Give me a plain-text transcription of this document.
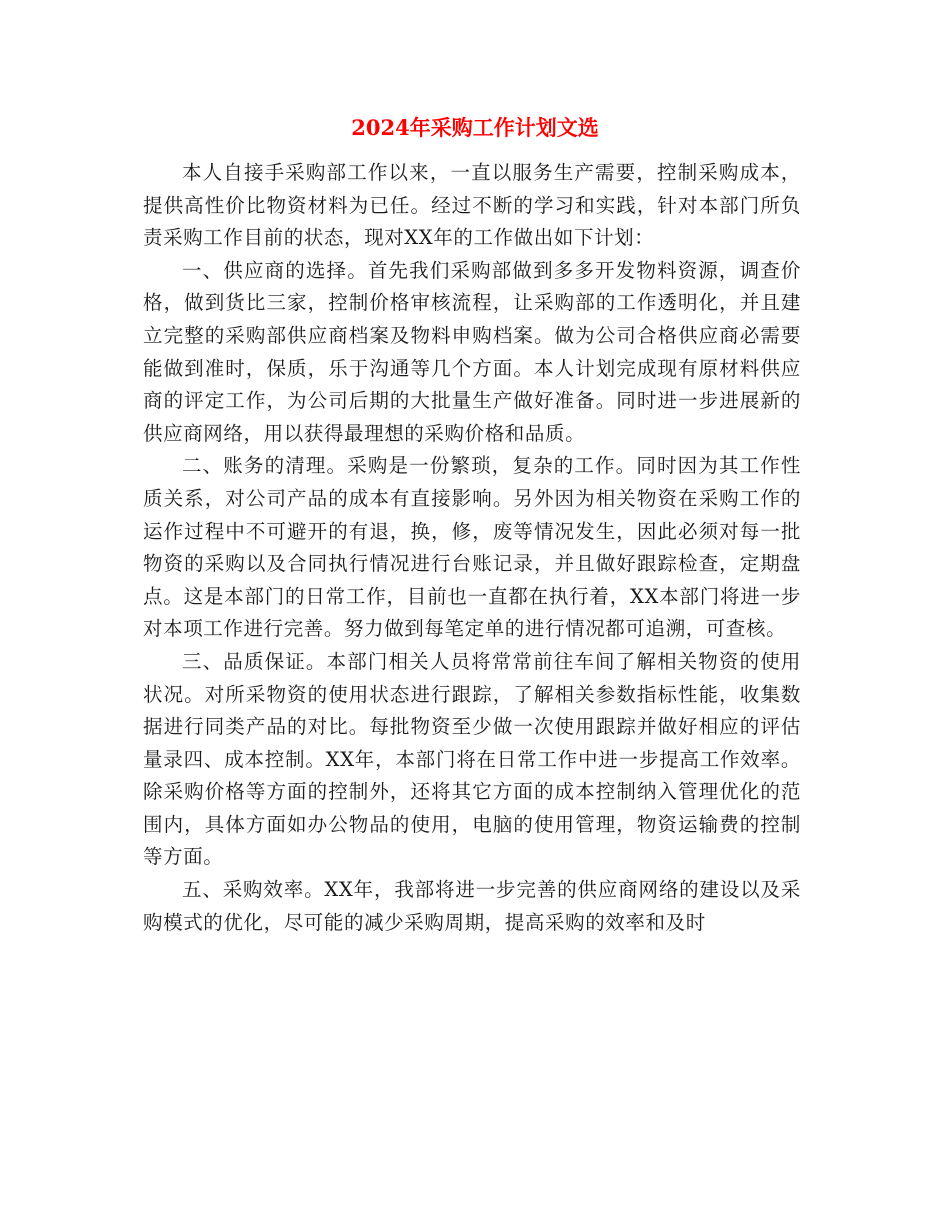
2024年采购工作计划文选

本人自接手采购部工作以来，一直以服务生产需要，控制采购成本，提供高性价比物资材料为已任。经过不断的学习和实践，针对本部门所负责采购工作目前的状态，现对XX年的工作做出如下计划：

一、供应商的选择。首先我们采购部做到多多开发物料资源，调查价格，做到货比三家，控制价格审核流程，让采购部的工作透明化，并且建立完整的采购部供应商档案及物料申购档案。做为公司合格供应商必需要能做到准时，保质，乐于沟通等几个方面。本人计划完成现有原材料供应商的评定工作，为公司后期的大批量生产做好准备。同时进一步进展新的供应商网络，用以获得最理想的采购价格和品质。

二、账务的清理。采购是一份繁琐，复杂的工作。同时因为其工作性质关系，对公司产品的成本有直接影响。另外因为相关物资在采购工作的运作过程中不可避开的有退，换，修，废等情况发生，因此必须对每一批物资的采购以及合同执行情况进行台账记录，并且做好跟踪检查，定期盘点。这是本部门的日常工作，目前也一直都在执行着，XX本部门将进一步对本项工作进行完善。努力做到每笔定单的进行情况都可追溯，可查核。

三、品质保证。本部门相关人员将常常前往车间了解相关物资的使用状况。对所采物资的使用状态进行跟踪，了解相关参数指标性能，收集数据进行同类产品的对比。每批物资至少做一次使用跟踪并做好相应的评估量录四、成本控制。XX年，本部门将在日常工作中进一步提高工作效率。除采购价格等方面的控制外，还将其它方面的成本控制纳入管理优化的范围内，具体方面如办公物品的使用，电脑的使用管理，物资运输费的控制等方面。

五、采购效率。XX年，我部将进一步完善的供应商网络的建设以及采购模式的优化，尽可能的减少采购周期，提高采购的效率和及时
